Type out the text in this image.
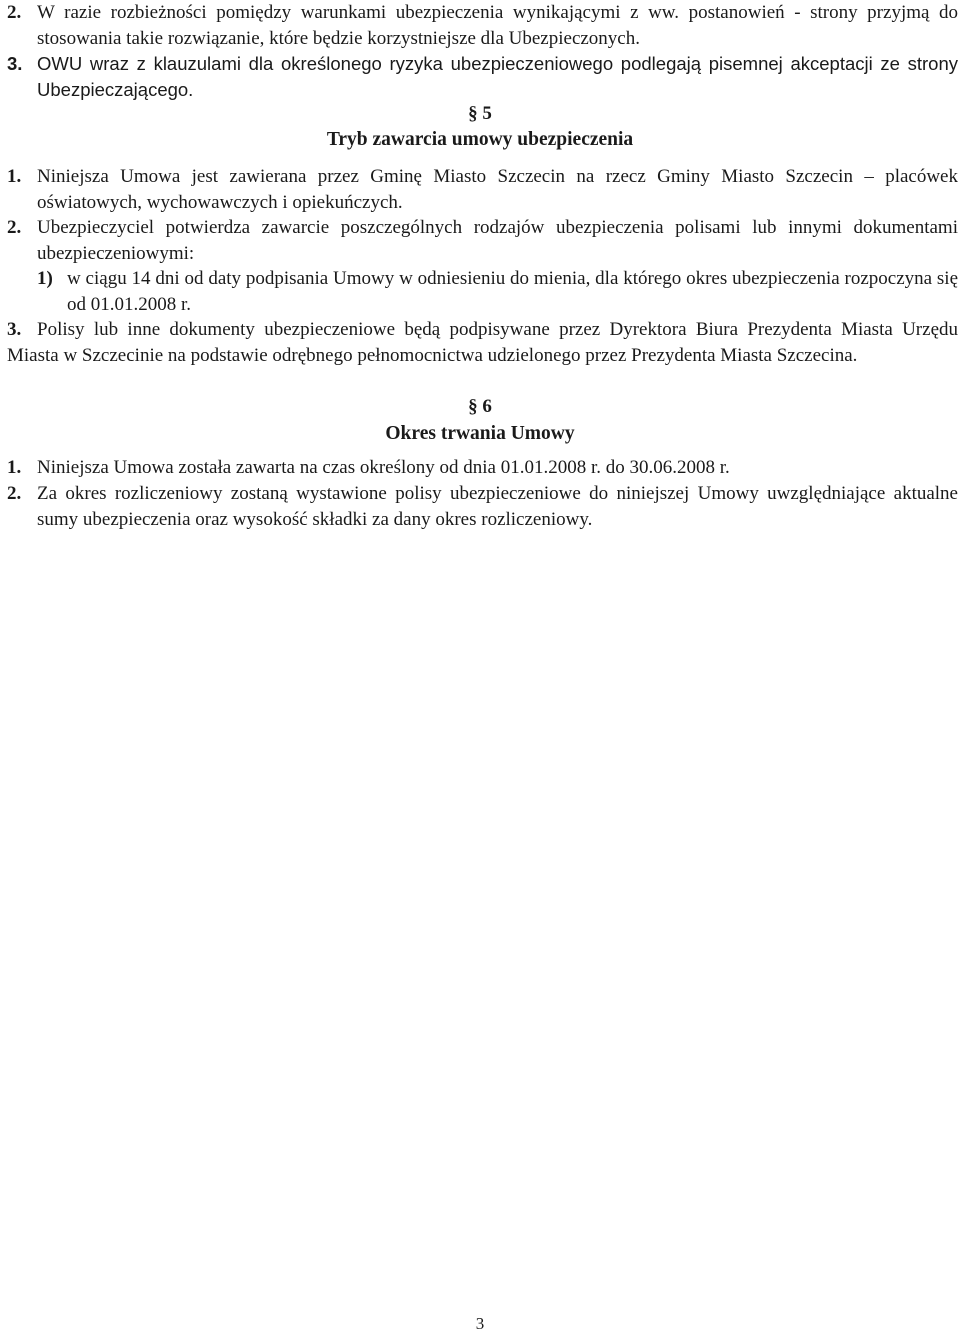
2. W razie rozbieżności pomiędzy warunkami ubezpieczenia wynikającymi z ww. postanowień - strony przyjmą do stosowania takie rozwiązanie, które będzie korzystniejsze dla Ubezpieczonych.
3. OWU wraz z klauzulami dla określonego ryzyka ubezpieczeniowego podlegają pisemnej akceptacji ze strony Ubezpieczającego.
§ 5
Tryb zawarcia umowy ubezpieczenia
1. Niniejsza Umowa jest zawierana przez Gminę Miasto Szczecin na rzecz Gminy Miasto Szczecin – placówek oświatowych, wychowawczych i opiekuńczych.
2. Ubezpieczyciel potwierdza zawarcie poszczególnych rodzajów ubezpieczenia polisami lub innymi dokumentami ubezpieczeniowymi:
1) w ciągu 14 dni od daty podpisania Umowy w odniesieniu do mienia, dla którego okres ubezpieczenia rozpoczyna się od 01.01.2008 r.
3. Polisy lub inne dokumenty ubezpieczeniowe będą podpisywane przez Dyrektora Biura Prezydenta Miasta Urzędu Miasta w Szczecinie na podstawie odrębnego pełnomocnictwa udzielonego przez Prezydenta Miasta Szczecina.
§ 6
Okres trwania Umowy
1. Niniejsza Umowa została zawarta na czas określony od dnia 01.01.2008 r. do 30.06.2008 r.
2. Za okres rozliczeniowy zostaną wystawione polisy ubezpieczeniowe do niniejszej Umowy uwzględniające aktualne sumy ubezpieczenia oraz wysokość składki za dany okres rozliczeniowy.
3
